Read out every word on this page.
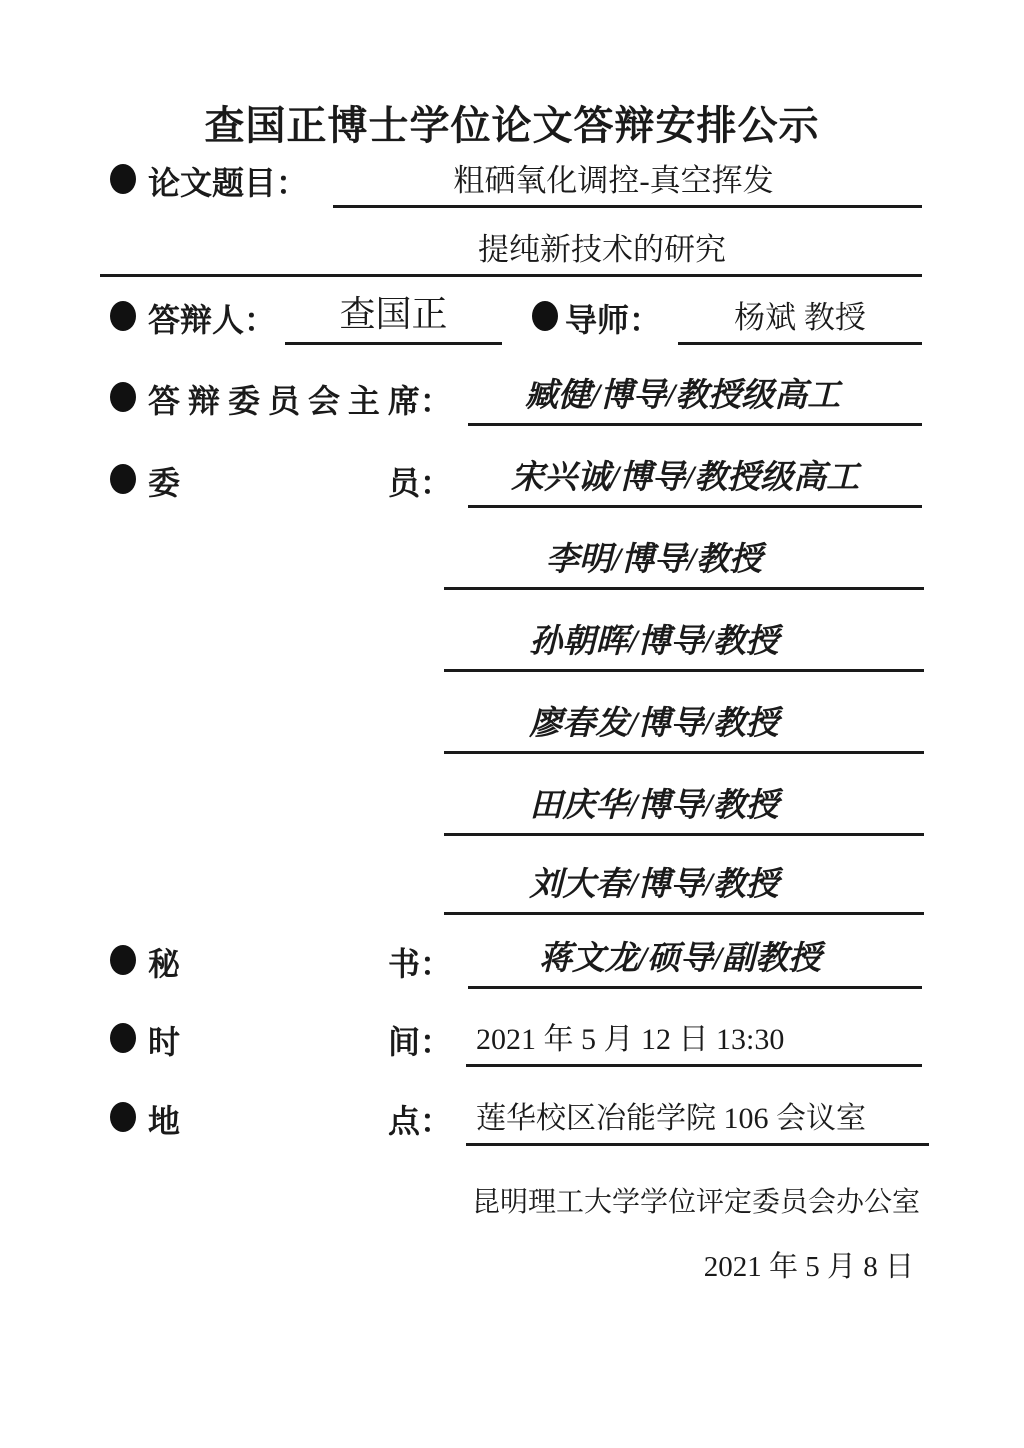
查国正博士学位论文答辩安排公示
论文题目：	粗硒氧化调控-真空挥发
提纯新技术的研究
答辩人：	查国正	导师：	杨斌 教授
答 辩 委 员 会 主 席：	臧健/博导/教授级高工
委	员：	宋兴诚/博导/教授级高工
李明/博导/教授
孙朝晖/博导/教授
廖春发/博导/教授
田庆华/博导/教授
刘大春/博导/教授
秘	书：	蒋文龙/硕导/副教授
时	间： 2021 年 5 月 12 日 13:30
地	点： 莲华校区冶能学院 106 会议室
昆明理工大学学位评定委员会办公室
2021 年 5 月 8 日
